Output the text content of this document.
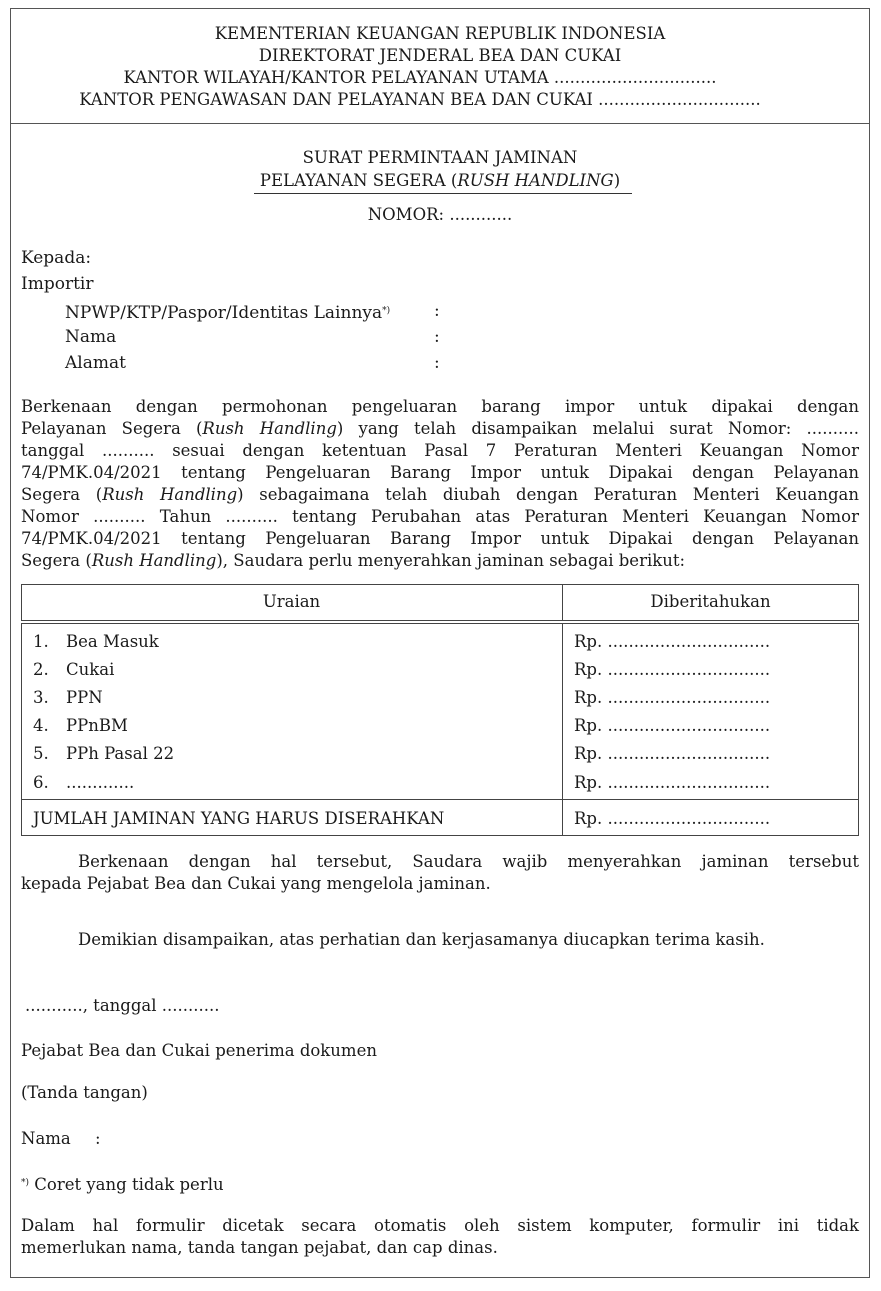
KEMENTERIAN KEUANGAN REPUBLIK INDONESIA
DIREKTORAT JENDERAL BEA DAN CUKAI
KANTOR WILAYAH/KANTOR PELAYANAN UTAMA ...............................
KANTOR PENGAWASAN DAN PELAYANAN BEA DAN CUKAI ...............................
SURAT PERMINTAAN JAMINAN
PELAYANAN SEGERA (RUSH HANDLING)
NOMOR: ............
Kepada:
Importir
NPWP/KTP/Paspor/Identitas Lainnya*)	:
Nama	:
Alamat	:
Berkenaan dengan permohonan pengeluaran barang impor untuk dipakai dengan
Pelayanan Segera (Rush Handling) yang telah disampaikan melalui surat Nomor: ..........
tanggal .......... sesuai dengan ketentuan Pasal 7 Peraturan Menteri Keuangan Nomor
74/PMK.04/2021 tentang Pengeluaran Barang Impor untuk Dipakai dengan Pelayanan
Segera (Rush Handling) sebagaimana telah diubah dengan Peraturan Menteri Keuangan
Nomor .......... Tahun .......... tentang Perubahan atas Peraturan Menteri Keuangan Nomor
74/PMK.04/2021 tentang Pengeluaran Barang Impor untuk Dipakai dengan Pelayanan
Segera (Rush Handling), Saudara perlu menyerahkan jaminan sebagai berikut:
Uraian	Diberitahukan
1. Bea Masuk	Rp. ...............................
2. Cukai	Rp. ...............................
3. PPN	Rp. ...............................
4. PPnBM	Rp. ...............................
5. PPh Pasal 22	Rp. ...............................
6. .............	Rp. ...............................
JUMLAH JAMINAN YANG HARUS DISERAHKAN	Rp. ...............................
Berkenaan dengan hal tersebut, Saudara wajib menyerahkan jaminan tersebut
kepada Pejabat Bea dan Cukai yang mengelola jaminan.
Demikian disampaikan, atas perhatian dan kerjasamanya diucapkan terima kasih.
..........., tanggal ...........
Pejabat Bea dan Cukai penerima dokumen
(Tanda tangan)
Nama :
*) Coret yang tidak perlu
Dalam hal formulir dicetak secara otomatis oleh sistem komputer, formulir ini tidak
memerlukan nama, tanda tangan pejabat, dan cap dinas.
